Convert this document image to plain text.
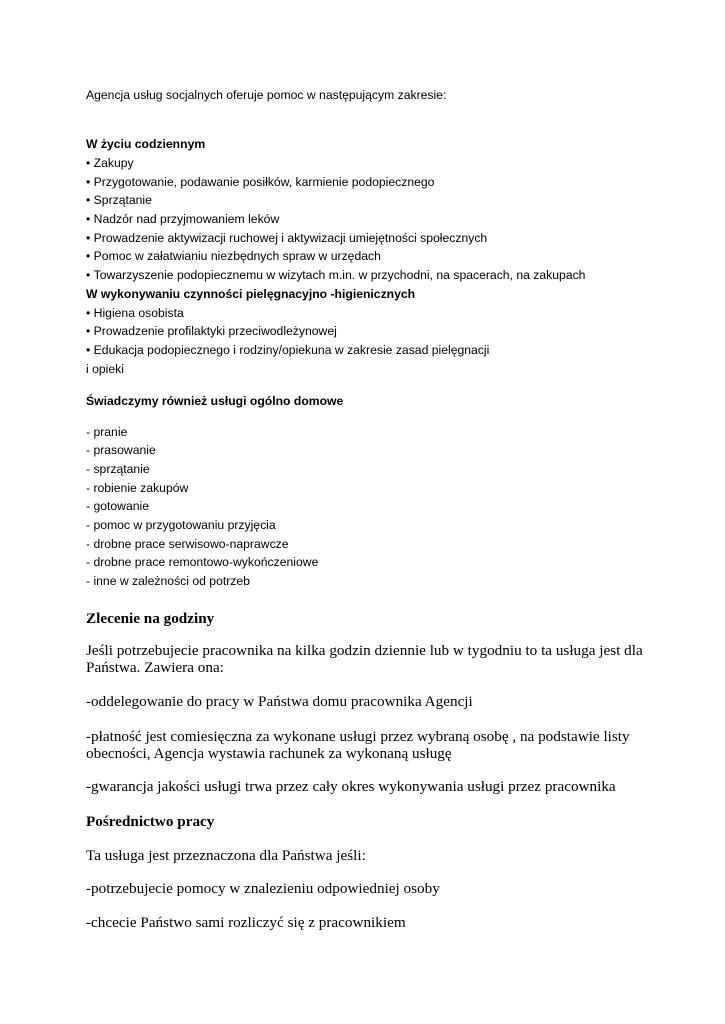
Agencja usług socjalnych oferuje pomoc w następującym zakresie:
W życiu codziennym
• Zakupy
• Przygotowanie, podawanie posiłków, karmienie podopiecznego
• Sprzątanie
• Nadzór nad przyjmowaniem leków
• Prowadzenie aktywizacji ruchowej i aktywizacji umiejętności społecznych
• Pomoc w załatwianiu niezbędnych spraw w urzędach
• Towarzyszenie podopiecznemu w wizytach m.in. w przychodni, na spacerach, na zakupach
W wykonywaniu czynności pielęgnacyjno -higienicznych
• Higiena osobista
• Prowadzenie profilaktyki przeciwodleżynowej
• Edukacja podopiecznego i rodziny/opiekuna w zakresie zasad pielęgnacji
i opieki
Świadczymy również usługi ogólno domowe
- pranie
- prasowanie
- sprzątanie
- robienie zakupów
- gotowanie
- pomoc w przygotowaniu przyjęcia
- drobne prace serwisowo-naprawcze
- drobne prace remontowo-wykończeniowe
- inne w zależności od potrzeb
Zlecenie na godziny
Jeśli potrzebujecie pracownika na kilka godzin dziennie lub w tygodniu to ta usługa jest dla
Państwa. Zawiera ona:
-oddelegowanie do pracy w Państwa domu pracownika Agencji
-płatność jest comiesięczna za wykonane usługi przez wybraną osobę , na podstawie listy
obecności, Agencja wystawia rachunek za wykonaną usługę
-gwarancja jakości usługi trwa przez cały okres wykonywania usługi przez pracownika
Pośrednictwo pracy
Ta usługa jest przeznaczona dla Państwa jeśli:
-potrzebujecie pomocy w znalezieniu odpowiedniej osoby
-chcecie Państwo sami rozliczyć się z pracownikiem
